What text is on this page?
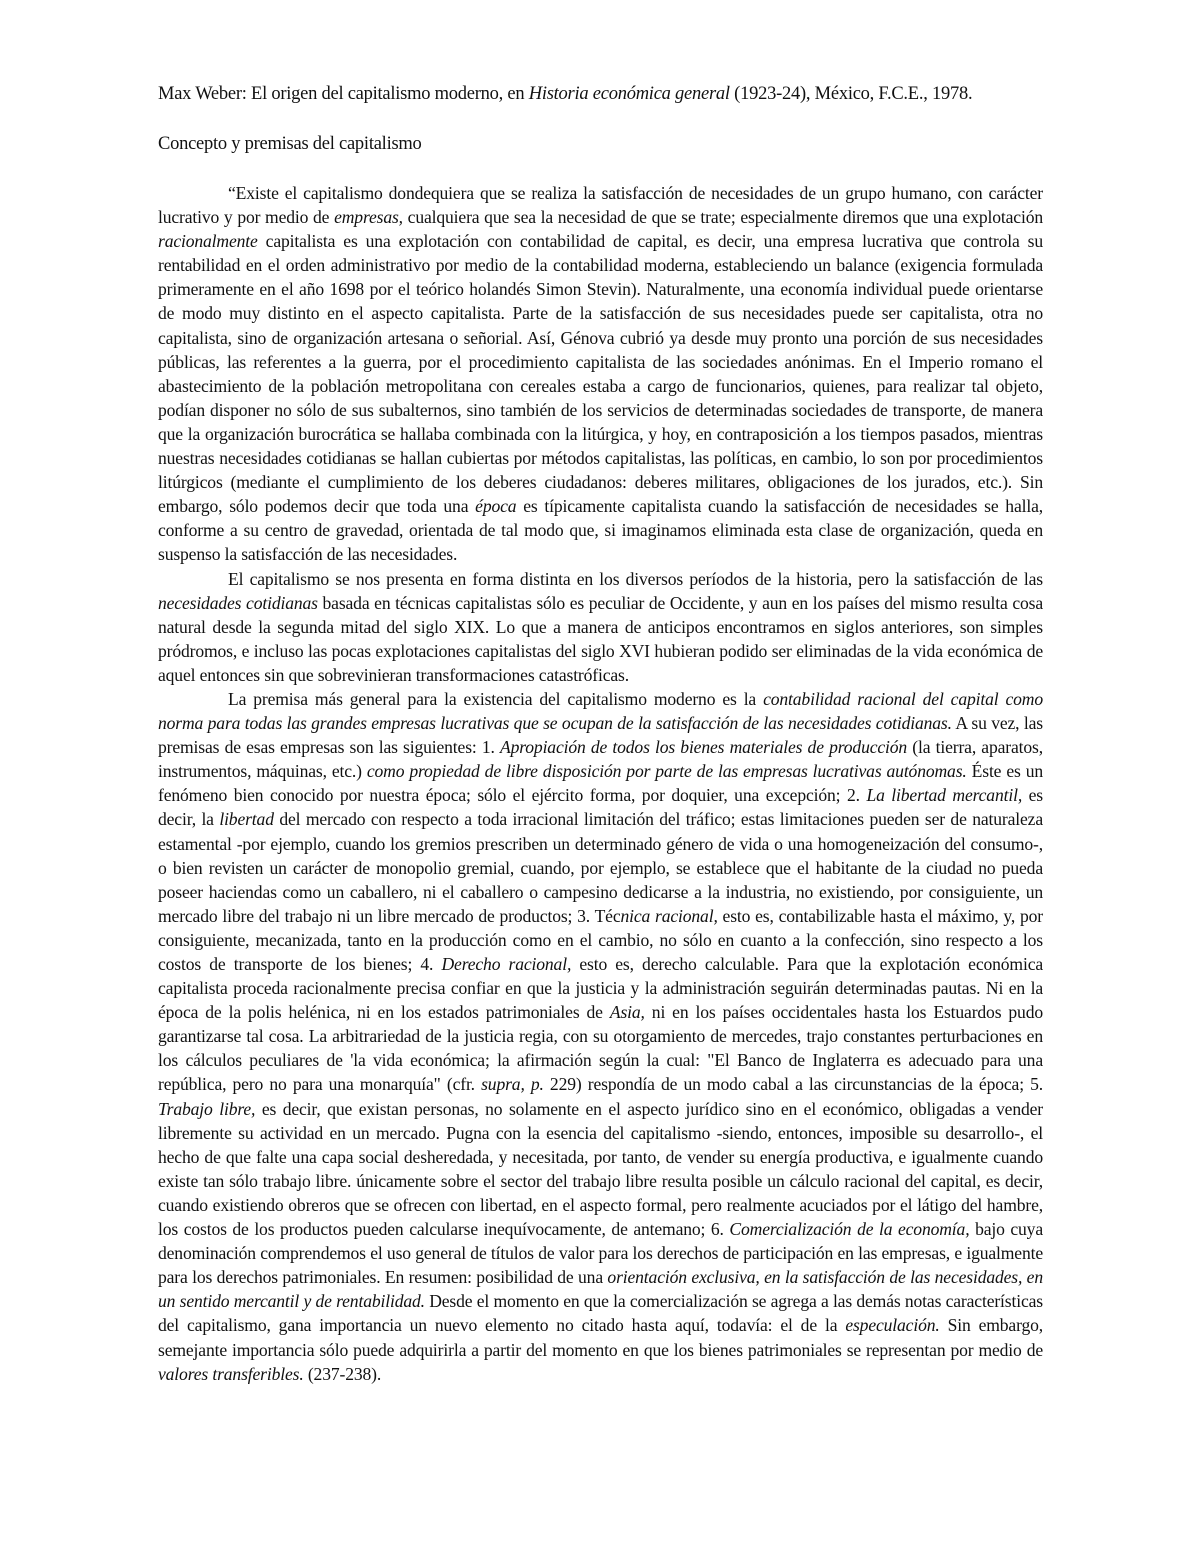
Max Weber: El origen del capitalismo moderno, en Historia económica general (1923-24), México, F.C.E., 1978.

Concepto y premisas del capitalismo

“Existe el capitalismo dondequiera que se realiza la satisfacción de necesidades de un grupo humano, con carácter lucrativo y por medio de empresas, cualquiera que sea la necesidad de que se trate; especialmente diremos que una explotación racionalmente capitalista es una explotación con contabilidad de capital, es decir, una empresa lucrativa que controla su rentabilidad en el orden administrativo por medio de la contabilidad moderna, estableciendo un balance (exigencia formulada primeramente en el año 1698 por el teórico holandés Simon Stevin). Naturalmente, una economía individual puede orientarse de modo muy distinto en el aspecto capitalista. Parte de la satisfacción de sus necesidades puede ser capitalista, otra no capitalista, sino de organización artesana o señorial. Así, Génova cubrió ya desde muy pronto una porción de sus necesidades públicas, las referentes a la guerra, por el procedimiento capitalista de las sociedades anónimas. En el Imperio romano el abastecimiento de la población metropolitana con cereales estaba a cargo de funcionarios, quienes, para realizar tal objeto, podían disponer no sólo de sus subalternos, sino también de los servicios de determinadas sociedades de transporte, de manera que la organización burocrática se hallaba combinada con la litúrgica, y hoy, en contraposición a los tiempos pasados, mientras nuestras necesidades cotidianas se hallan cubiertas por métodos capitalistas, las políticas, en cambio, lo son por procedimientos litúrgicos (mediante el cumplimiento de los deberes ciudadanos: deberes militares, obligaciones de los jurados, etc.). Sin embargo, sólo podemos decir que toda una época es típicamente capitalista cuando la satisfacción de necesidades se halla, conforme a su centro de gravedad, orientada de tal modo que, si imaginamos eliminada esta clase de organización, queda en suspenso la satisfacción de las necesidades.

El capitalismo se nos presenta en forma distinta en los diversos períodos de la historia, pero la satisfacción de las necesidades cotidianas basada en técnicas capitalistas sólo es peculiar de Occidente, y aun en los países del mismo resulta cosa natural desde la segunda mitad del siglo XIX. Lo que a manera de anticipos encontramos en siglos anteriores, son simples pródromos, e incluso las pocas explotaciones capitalistas del siglo XVI hubieran podido ser eliminadas de la vida económica de aquel entonces sin que sobrevinieran transformaciones catastróficas.

La premisa más general para la existencia del capitalismo moderno es la contabilidad racional del capital como norma para todas las grandes empresas lucrativas que se ocupan de la satisfacción de las necesidades cotidianas. A su vez, las premisas de esas empresas son las siguientes: 1. Apropiación de todos los bienes materiales de producción (la tierra, aparatos, instrumentos, máquinas, etc.) como propiedad de libre disposición por parte de las empresas lucrativas autónomas. Éste es un fenómeno bien conocido por nuestra época; sólo el ejército forma, por doquier, una excepción; 2. La libertad mercantil, es decir, la libertad del mercado con respecto a toda irracional limitación del tráfico; estas limitaciones pueden ser de naturaleza estamental -por ejemplo, cuando los gremios prescriben un determinado género de vida o una homogeneización del consumo-, o bien revisten un carácter de monopolio gremial, cuando, por ejemplo, se establece que el habitante de la ciudad no pueda poseer haciendas como un caballero, ni el caballero o campesino dedicarse a la industria, no existiendo, por consiguiente, un mercado libre del trabajo ni un libre mercado de productos; 3. Técnica racional, esto es, contabilizable hasta el máximo, y, por consiguiente, mecanizada, tanto en la producción como en el cambio, no sólo en cuanto a la confección, sino respecto a los costos de transporte de los bienes; 4. Derecho racional, esto es, derecho calculable. Para que la explotación económica capitalista proceda racionalmente precisa confiar en que la justicia y la administración seguirán determinadas pautas. Ni en la época de la polis helénica, ni en los estados patrimoniales de Asia, ni en los países occidentales hasta los Estuardos pudo garantizarse tal cosa. La arbitrariedad de la justicia regia, con su otorgamiento de mercedes, trajo constantes perturbaciones en los cálculos peculiares de 'la vida económica; la afirmación según la cual: "El Banco de Inglaterra es adecuado para una república, pero no para una monarquía" (cfr. supra, p. 229) respondía de un modo cabal a las circunstancias de la época; 5. Trabajo libre, es decir, que existan personas, no solamente en el aspecto jurídico sino en el económico, obligadas a vender libremente su actividad en un mercado. Pugna con la esencia del capitalismo -siendo, entonces, imposible su desarrollo-, el hecho de que falte una capa social desheredada, y necesitada, por tanto, de vender su energía productiva, e igualmente cuando existe tan sólo trabajo libre. únicamente sobre el sector del trabajo libre resulta posible un cálculo racional del capital, es decir, cuando existiendo obreros que se ofrecen con libertad, en el aspecto formal, pero realmente acuciados por el látigo del hambre, los costos de los productos pueden calcularse inequívocamente, de antemano; 6. Comercialización de la economía, bajo cuya denominación comprendemos el uso general de títulos de valor para los derechos de participación en las empresas, e igualmente para los derechos patrimoniales. En resumen: posibilidad de una orientación exclusiva, en la satisfacción de las necesidades, en un sentido mercantil y de rentabilidad. Desde el momento en que la comercialización se agrega a las demás notas características del capitalismo, gana importancia un nuevo elemento no citado hasta aquí, todavía: el de la especulación. Sin embargo, semejante importancia sólo puede adquirirla a partir del momento en que los bienes patrimoniales se representan por medio de valores transferibles. (237-238).
